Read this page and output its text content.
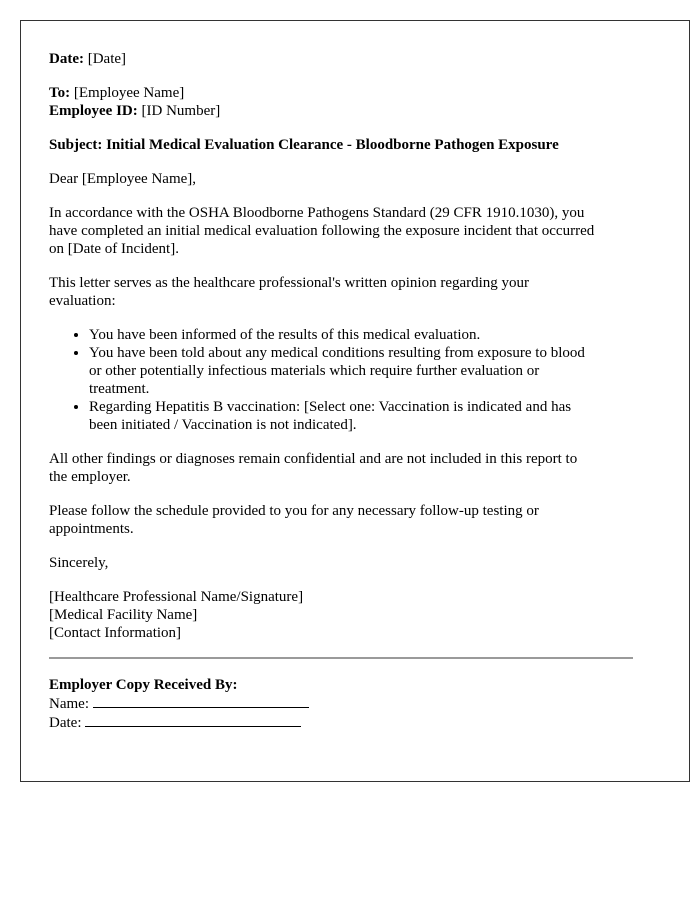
Date: [Date]
To: [Employee Name]
Employee ID: [ID Number]
Subject: Initial Medical Evaluation Clearance - Bloodborne Pathogen Exposure
Dear [Employee Name],
In accordance with the OSHA Bloodborne Pathogens Standard (29 CFR 1910.1030), you
have completed an initial medical evaluation following the exposure incident that occurred
on [Date of Incident].
This letter serves as the healthcare professional's written opinion regarding your
evaluation:
• You have been informed of the results of this medical evaluation.
• You have been told about any medical conditions resulting from exposure to blood
or other potentially infectious materials which require further evaluation or
treatment.
• Regarding Hepatitis B vaccination: [Select one: Vaccination is indicated and has
been initiated / Vaccination is not indicated].
All other findings or diagnoses remain confidential and are not included in this report to
the employer.
Please follow the schedule provided to you for any necessary follow-up testing or
appointments.
Sincerely,
[Healthcare Professional Name/Signature]
[Medical Facility Name]
[Contact Information]
Employer Copy Received By:
Name:
Date:
